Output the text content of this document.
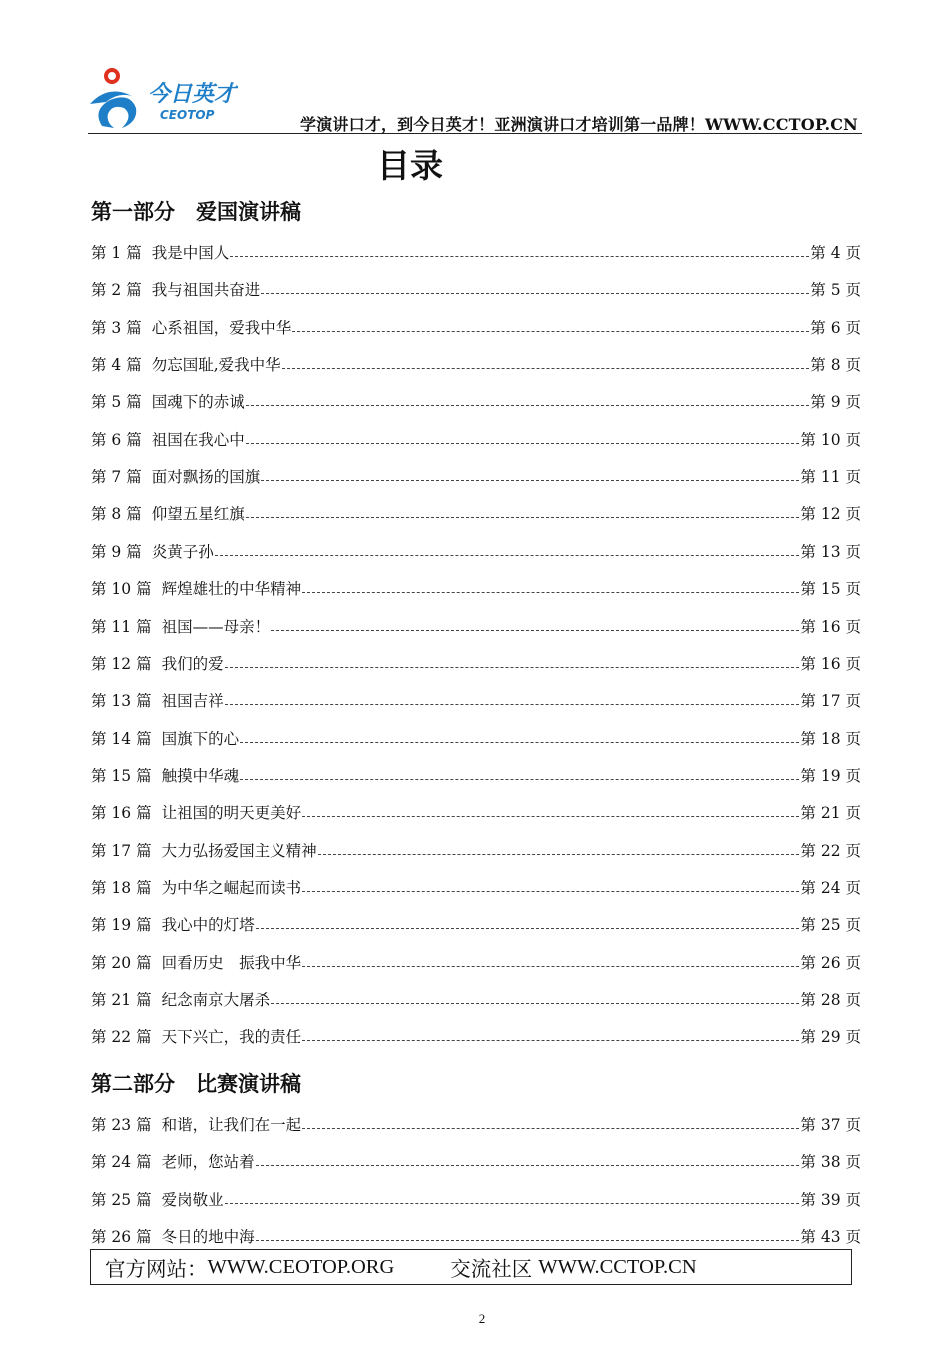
今日英才
CEOTOP	学演讲口才，到今日英才！亚洲演讲口才培训第一品牌！WWW.CCTOP.CN
目录
第一部分　爱国演讲稿
第 1 篇 我是中国人	第 4 页
第 2 篇 我与祖国共奋进	第 5 页
第 3 篇 心系祖国，爱我中华	第 6 页
第 4 篇 勿忘国耻,爱我中华	第 8 页
第 5 篇 国魂下的赤诚	第 9 页
第 6 篇 祖国在我心中	第 10 页
第 7 篇 面对飘扬的国旗	第 11 页
第 8 篇 仰望五星红旗	第 12 页
第 9 篇 炎黄子孙	第 13 页
第 10 篇 辉煌雄壮的中华精神	第 15 页
第 11 篇 祖国——母亲！	第 16 页
第 12 篇 我们的爱	第 16 页
第 13 篇 祖国吉祥	第 17 页
第 14 篇 国旗下的心	第 18 页
第 15 篇 触摸中华魂	第 19 页
第 16 篇 让祖国的明天更美好	第 21 页
第 17 篇 大力弘扬爱国主义精神	第 22 页
第 18 篇 为中华之崛起而读书	第 24 页
第 19 篇 我心中的灯塔	第 25 页
第 20 篇 回看历史　振我中华	第 26 页
第 21 篇 纪念南京大屠杀	第 28 页
第 22 篇 天下兴亡，我的责任	第 29 页
第二部分　比赛演讲稿
第 23 篇 和谐，让我们在一起	第 37 页
第 24 篇 老师，您站着	第 38 页
第 25 篇 爱岗敬业	第 39 页
第 26 篇 冬日的地中海	第 43 页
官方网站： WWW.CEOTOP.ORG	交流社区 WWW.CCTOP.CN
2
